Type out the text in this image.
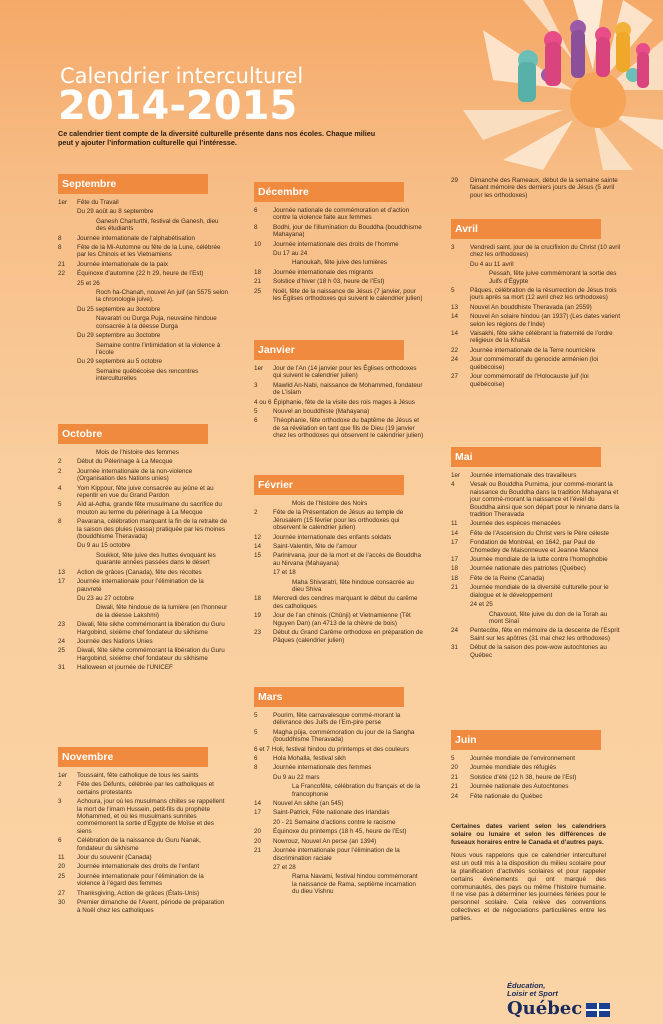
Calendrier interculturel
2014-2015
Ce calendrier tient compte de la diversité culturelle présente dans nos écoles. Chaque milieu peut y ajouter l’information culturelle qui l’intéresse.
Septembre
1er	Fête du Travail
Du 29 août au 8 septembre
Ganesh Charturthi, festival de Ganesh, dieu des étudiants
8	Journée internationale de l’alphabétisation
8	Fête de la Mi-Automne ou fête de la Lune, célébrée par les Chinois et les Vietnamiens
21	Journée internationale de la paix
22	Équinoxe d’automne (22 h 29, heure de l’Est)
25 et 26
Roch ha-Chanah, nouvel An juif (an 5575 selon la chronologie juive).
Du 25 septembre au 3octobre
Navaratri ou Durga Puja, neuvaine hindoue consacrée à la déesse Durga
Du 29 septembre au 3octobre
Semaine contre l’intimidation et la violence à l’école
Du 29 septembre au 5 octobre
Semaine québécoise des rencontres interculturelles
Octobre
Mois de l’histoire des femmes
2	Début du Pèlerinage à La Mecque
2	Journée internationale de la non-violence (Organisation des Nations unies)
4	Yom Kippour, fête juive consacrée au jeûne et au repentir en vue du Grand Pardon
5	Aïd al-Adha, grande fête musulmane du sacrifice du mouton au terme du pèlerinage à La Mecque
8	Pavarana, célébration marquant la fin de la retraite de la saison des pluies (vassa) pratiquée par les moines (bouddhisme Theravada)
Du 9 au 15 octobre
Soukkot, fête juive des huttes évoquant les quarante années passées dans le désert
13	Action de grâces (Canada), fête des récoltes
17	Journée internationale pour l’élimination de la pauvreté
Du 23 au 27 octobre
Diwali, fête hindoue de la lumière (en l’honneur de la déesse Lakshmi)
23	Diwali, fête sikhe commémorant la libération du Guru Hargobind, sixième chef fondateur du sikhisme
24	Journée des Nations Unies
25	Diwali, fête sikhe commémorant la libération du Guru Hargobind, sixième chef fondateur du sikhisme
31	Halloween et journée de l’UNICEF
Novembre
1er	Toussaint, fête catholique de tous les saints
2	Fête des Défunts, célébrée par les catholiques et certains protestants
3	Achoura, jour où les musulmans chiites se rappellent la mort de l’imam Hussein, petit-fils du prophète Mohammed, et où les musulmans sunnites commémorent la sortie d’Égypte de Moïse et des siens
6	Célébration de la naissance du Guru Nanak, fondateur du sikhisme
11	Jour du souvenir (Canada)
20	Journée internationale des droits de l’enfant
25	Journée internationale pour l’élimination de la violence à l’égard des femmes
27	Thanksgiving, Action de grâces (États-Unis)
30	Premier dimanche de l’Avent, période de préparation à Noël chez les catholiques
Décembre
6	Journée nationale de commémoration et d’action contre la violence faite aux femmes
8	Bodhi, jour de l’illumination du Bouddha (bouddhisme Mahayana)
10	Journée internationale des droits de l’homme
Du 17 au 24
Hanoukah, fête juive des lumières
18	Journée internationale des migrants
21	Solstice d’hiver (18 h 03, heure de l’Est)
25	Noël, fête de la naissance de Jésus (7 janvier, pour les Églises orthodoxes qui suivent le calendrier julien)
Janvier
1er	Jour de l’An (14 janvier pour les Églises orthodoxes qui suivent le calendrier julien)
3	Mawlid An-Nabi, naissance de Mohammed, fondateur de L’islam
4 ou 6 Épiphanie, fête de la visite des rois mages à Jésus
5	Nouvel an bouddhiste (Mahayana)
6	Théophanie, fête orthodoxe du baptême de Jésus et de sa révélation en tant que fils de Dieu (19 janvier chez les orthodoxes qui observent le calendrier julien)
Février
Mois de l’histoire des Noirs
2	Fête de la Présentation de Jésus au temple de Jérusalem (15 février pour les orthodoxes qui observent le calendrier julien)
12	Journée internationale des enfants soldats
14	Saint-Valentin, fête de l’amour
15	Parinirvana, jour de la mort et de l’accès de Bouddha au Nirvana (Mahayana)
17 et 18
Maha Shivaratri, fête hindoue consacrée au dieu Shiva
18	Mercredi des cendres marquant le début du carême des catholiques
19	Jour de l’an chinois (Chûnji) et Vietnamienne (Têt Nguyen Dan) (an 4713 de la chèvre de bois)
23	Début du Grand Carême orthodoxe en préparation de Pâques (calendrier julien)
Mars
5	Pourim, fête carnavalesque commé-morant la délivrance des Juifs de l’Em-pire perse
5	Magha pûja, commémoration du jour de la Sangha (bouddhisme Theravada)
6 et 7 Holi, festival hindou du printemps et des couleurs
6	Hola Mohalla, festival sikh
8	Journée internationale des femmes
Du 9 au 22 mars
La Francofête, célébration du français et de la francophonie
14	Nouvel An sikhe (an 545)
17	Saint-Patrick, Fête nationale des Irlandais
20 - 21 Semaine d’actions contre le racisme
20	Équinoxe du printemps (18 h 45, heure de l’Est)
20	Nowrouz, Nouvel An perse (an 1394)
21	Journée internationale pour l’élimination de la discrimination raciale
27 et 28
Rama Navami, festival hindou commémorant la naissance de Rama, septième incarnation du dieu Vishnu
29	Dimanche des Rameaux, début de la semaine sainte faisant mémoire des derniers jours de Jésus (5 avril pour les orthodoxes)
Avril
3	Vendredi saint, jour de la crucifixion du Christ (10 avril chez les orthodoxes)
Du 4 au 11 avril
Pessah, fête juive commémorant la sortie des Juifs d’Égypte
5	Pâques, célébration de la résurrection de Jésus trois jours après sa mort (12 avril chez les orthodoxes)
13	Nouvel An bouddhiste Theravada (an 2559)
14	Nouvel An solaire hindou (an 1937) (Les dates varient selon les régions de l’Inde)
14	Vaisakhi, fête sikhe célébrant la fraternité de l’ordre religieux de la Khalsa
22	Journée internationale de la Terre nourricière
24	Jour commémoratif du génocide arménien (loi québécoise)
27	Jour commémoratif de l’Holocauste juif (loi québécoise)
Mai
1er	Journée internationale des travailleurs
4	Vesak ou Bouddha Purnima, jour commé-morant la naissance du Bouddha dans la tradition Mahayana et jour commé-morant la naissance et l’éveil du Bouddha ainsi que son départ pour le nirvana dans la tradition Theravada
11	Journée des espèces menacées
14	Fête de l’Ascension du Christ vers le Père céleste
17	Fondation de Montréal, en 1642, par Paul de Chomedey de Maisonneuve et Jeanne Mance
17	Journée mondiale de la lutte contre l’homophobie
18	Journée nationale des patriotes (Québec)
18	Fête de la Reine (Canada)
21	Journée mondiale de la diversité culturelle pour le dialogue et le développement
24 et 25
Chavouot, fête juive du don de la Torah au mont Sinaï
24	Pentecôte, fête en mémoire de la descente de l’Esprit Saint sur les apôtres (31 mai chez les orthodoxes)
31	Début de la saison des pow-wow autochtones au Québec
Juin
5	Journée mondiale de l’environnement
20	Journée mondiale des réfugiés
21	Solstice d’été (12 h 38, heure de l’Est)
21	Journée nationale des Autochtones
24	Fête nationale du Québec

Certaines dates varient selon les calendriers solaire ou lunaire et selon les différences de fuseaux horaires entre le Canada et d’autres pays.

Nous vous rappelons que ce calendrier interculturel est un outil mis à la disposition du milieu scolaire pour la planification d’activités scolaires et pour rappeler certains événements qui ont marqué des communautés, des pays ou même l’histoire humaine. Il ne vise pas à déterminer les journées fériées pour le personnel scolaire. Cela relève des conventions collectives et de négociations particulières entre les parties.

Éducation,
Loisir et Sport
Québec
